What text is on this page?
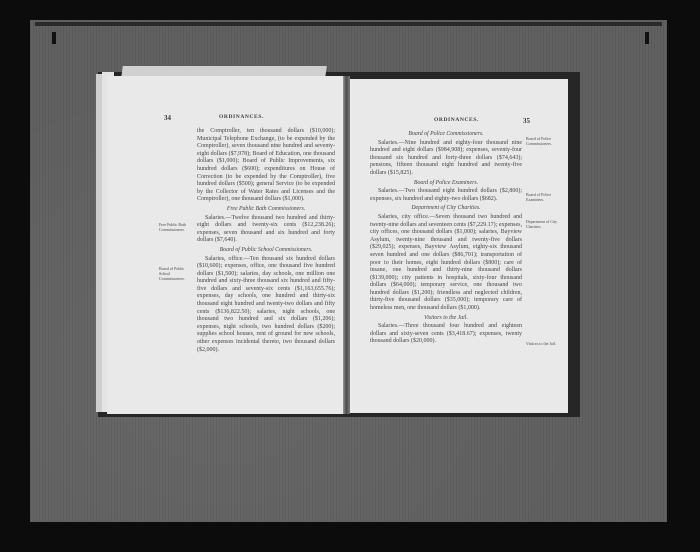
34	ORDINANCES.
Free Public Bath Commissioners.
Board of Public School Commissioners.

the Comptroller, ten thousand dollars ($10,000); Municipal Telephone Exchange, (to be expended by the Comptroller), seven thousand nine hundred and seventy-eight dollars ($7,978); Board of Education, one thousand dollars ($1,000); Board of Public Improvements, six hundred dollars ($600); expenditures on House of Correction (to be expended by the Comptroller), five hundred dollars ($500); general Service (to be expended by the Collector of Water Rates and Licenses and the Comptroller), one thousand dollars ($1,000).

Free Public Bath Commissioners.

Salaries.—Twelve thousand two hundred and thirty-eight dollars and twenty-six cents ($12,238.26); expenses, seven thousand and six hundred and forty dollars ($7,640).

Board of Public School Commissioners.

Salaries, office.—Ten thousand six hundred dollars ($10,600); expenses, office, one thousand five hundred dollars ($1,500); salaries, day schools, one million one hundred and sixty-three thousand six hundred and fifty-five dollars and seventy-six cents ($1,163,655.76); expenses, day schools, one hundred and thirty-six thousand eight hundred and twenty-two dollars and fifty cents ($136,822.50); salaries, night schools, one thousand two hundred and six dollars ($1,206); expenses, night schools, two hundred dollars ($200); supplies school houses, rent of ground for new schools, other expenses incidental thereto, two thousand dollars ($2,000).

ORDINANCES.	35
Board of Police Commissioners.
Board of Police Examiners.
Department of City Charities.
Visitors to the Jail.

Board of Police Commissioners.

Salaries.—Nine hundred and eighty-four thousand nine hundred and eight dollars ($984,908); expenses, seventy-four thousand six hundred and forty-three dollars ($74,643); pensions, fifteen thousand eight hundred and twenty-five dollars ($15,825).

Board of Police Examiners.

Salaries.—Two thousand eight hundred dollars ($2,800); expenses, six hundred and eighty-two dollars ($682).

Department of City Charities.

Salaries, city office.—Seven thousand two hundred and twenty-nine dollars and seventeen cents ($7,229.17); expenses, city offices, one thousand dollars ($1,000); salaries, Bayview Asylum, twenty-nine thousand and twenty-five dollars ($29,025); expenses, Bayview Asylum, eighty-six thousand seven hundred and one dollars ($86,701); transportation of poor to their homes, eight hundred dollars ($800); care of insane, one hundred and thirty-nine thousand dollars ($139,000); city patients in hospitals, sixty-four thousand dollars ($64,000); temporary service, one thousand two hundred dollars ($1,200); friendless and neglected children, thirty-five thousand dollars ($35,000); temporary care of homeless men, one thousand dollars ($1,000).

Visitors to the Jail.

Salaries.—Three thousand four hundred and eighteen dollars and sixty-seven cents ($3,418.67); expenses, twenty thousand dollars ($20,000).
